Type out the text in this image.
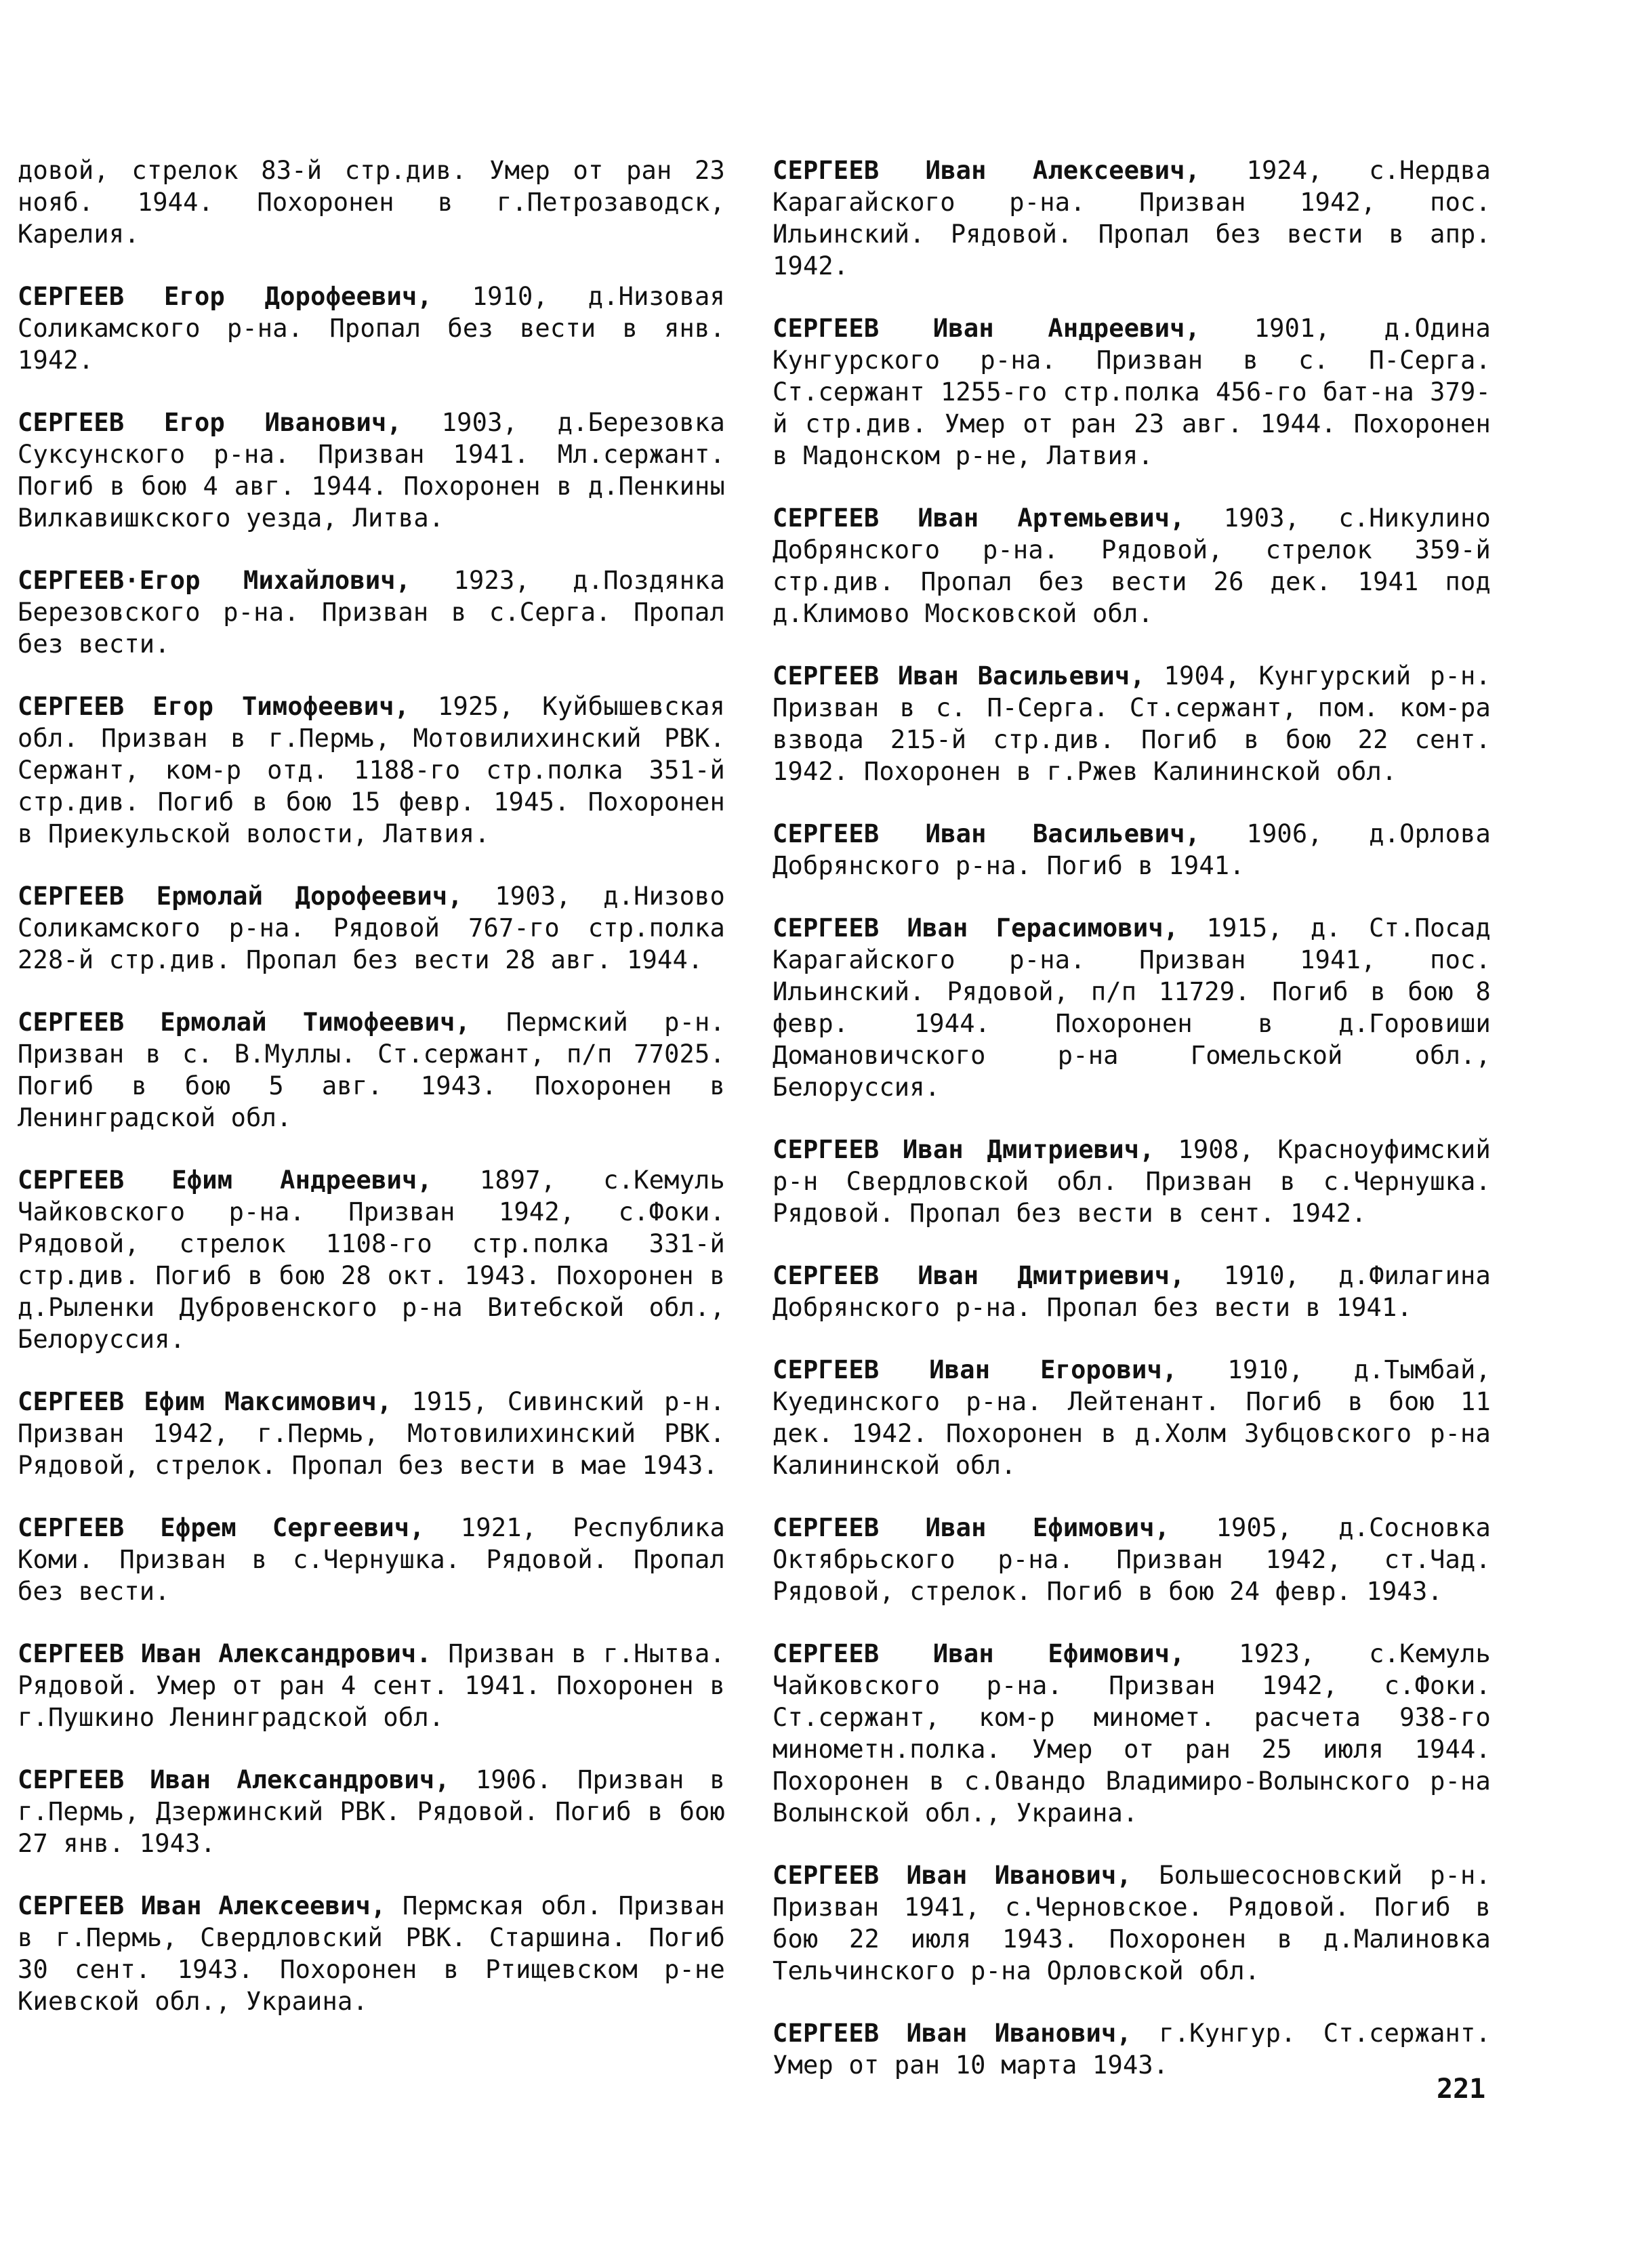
довой, стрелок 83-й стр.див. Умер от ран 23 нояб. 1944. Похоронен в г.Петрозаводск, Карелия.

СЕРГЕЕВ Егор Дорофеевич, 1910, д.Низовая Соликамского р-на. Пропал без вести в янв. 1942.

СЕРГЕЕВ Егор Иванович, 1903, д.Березовка Суксунского р-на. Призван 1941. Мл.сержант. Погиб в бою 4 авг. 1944. Похоронен в д.Пенкины Вилкавишкского уезда, Литва.

СЕРГЕЕВ·Егор Михайлович, 1923, д.Поздянка Березовского р-на. Призван в с.Серга. Пропал без вести.

СЕРГЕЕВ Егор Тимофеевич, 1925, Куйбышевская обл. Призван в г.Пермь, Мотовилихинский РВК. Сержант, ком-р отд. 1188-го стр.полка 351-й стр.див. Погиб в бою 15 февр. 1945. Похоронен в Приекульской волости, Латвия.

СЕРГЕЕВ Ермолай Дорофеевич, 1903, д.Низово Соликамского р-на. Рядовой 767-го стр.полка 228-й стр.див. Пропал без вести 28 авг. 1944.

СЕРГЕЕВ Ермолай Тимофеевич, Пермский р-н. Призван в с. В.Муллы. Ст.сержант, п/п 77025. Погиб в бою 5 авг. 1943. Похоронен в Ленинградской обл.

СЕРГЕЕВ Ефим Андреевич, 1897, с.Кемуль Чайковского р-на. Призван 1942, с.Фоки. Рядовой, стрелок 1108-го стр.полка 331-й стр.див. Погиб в бою 28 окт. 1943. Похоронен в д.Рыленки Дубровенского р-на Витебской обл., Белоруссия.

СЕРГЕЕВ Ефим Максимович, 1915, Сивинский р-н. Призван 1942, г.Пермь, Мотовилихинский РВК. Рядовой, стрелок. Пропал без вести в мае 1943.

СЕРГЕЕВ Ефрем Сергеевич, 1921, Республика Коми. Призван в с.Чернушка. Рядовой. Пропал без вести.

СЕРГЕЕВ Иван Александрович. Призван в г.Нытва. Рядовой. Умер от ран 4 сент. 1941. Похоронен в г.Пушкино Ленинградской обл.

СЕРГЕЕВ Иван Александрович, 1906. Призван в г.Пермь, Дзержинский РВК. Рядовой. Погиб в бою 27 янв. 1943.

СЕРГЕЕВ Иван Алексеевич, Пермская обл. Призван в г.Пермь, Свердловский РВК. Старшина. Погиб 30 сент. 1943. Похоронен в Ртищевском р-не Киевской обл., Украина.

СЕРГЕЕВ Иван Алексеевич, 1924, с.Нердва Карагайского р-на. Призван 1942, пос. Ильинский. Рядовой. Пропал без вести в апр. 1942.

СЕРГЕЕВ Иван Андреевич, 1901, д.Одина Кунгурского р-на. Призван в с. П-Серга. Ст.сержант 1255-го стр.полка 456-го бат-на 379-й стр.див. Умер от ран 23 авг. 1944. Похоронен в Мадонском р-не, Латвия.

СЕРГЕЕВ Иван Артемьевич, 1903, с.Никулино Добрянского р-на. Рядовой, стрелок 359-й стр.див. Пропал без вести 26 дек. 1941 под д.Климово Московской обл.

СЕРГЕЕВ Иван Васильевич, 1904, Кунгурский р-н. Призван в с. П-Серга. Ст.сержант, пом. ком-ра взвода 215-й стр.див. Погиб в бою 22 сент. 1942. Похоронен в г.Ржев Калининской обл.

СЕРГЕЕВ Иван Васильевич, 1906, д.Орлова Добрянского р-на. Погиб в 1941.

СЕРГЕЕВ Иван Герасимович, 1915, д. Ст.Посад Карагайского р-на. Призван 1941, пос. Ильинский. Рядовой, п/п 11729. Погиб в бою 8 февр. 1944. Похоронен в д.Горовиши Домановичского р-на Гомельской обл., Белоруссия.

СЕРГЕЕВ Иван Дмитриевич, 1908, Красноуфимский р-н Свердловской обл. Призван в с.Чернушка. Рядовой. Пропал без вести в сент. 1942.

СЕРГЕЕВ Иван Дмитриевич, 1910, д.Филагина Добрянского р-на. Пропал без вести в 1941.

СЕРГЕЕВ Иван Егорович, 1910, д.Тымбай, Куединского р-на. Лейтенант. Погиб в бою 11 дек. 1942. Похоронен в д.Холм Зубцовского р-на Калининской обл.

СЕРГЕЕВ Иван Ефимович, 1905, д.Сосновка Октябрьского р-на. Призван 1942, ст.Чад. Рядовой, стрелок. Погиб в бою 24 февр. 1943.

СЕРГЕЕВ Иван Ефимович, 1923, с.Кемуль Чайковского р-на. Призван 1942, с.Фоки. Ст.сержант, ком-р миномет. расчета 938-го минометн.полка. Умер от ран 25 июля 1944. Похоронен в с.Овандо Владимиро-Волынского р-на Волынской обл., Украина.

СЕРГЕЕВ Иван Иванович, Большесосновский р-н. Призван 1941, с.Черновское. Рядовой. Погиб в бою 22 июля 1943. Похоронен в д.Малиновка Тельчинского р-на Орловской обл.

СЕРГЕЕВ Иван Иванович, г.Кунгур. Ст.сержант. Умер от ран 10 марта 1943.

221
